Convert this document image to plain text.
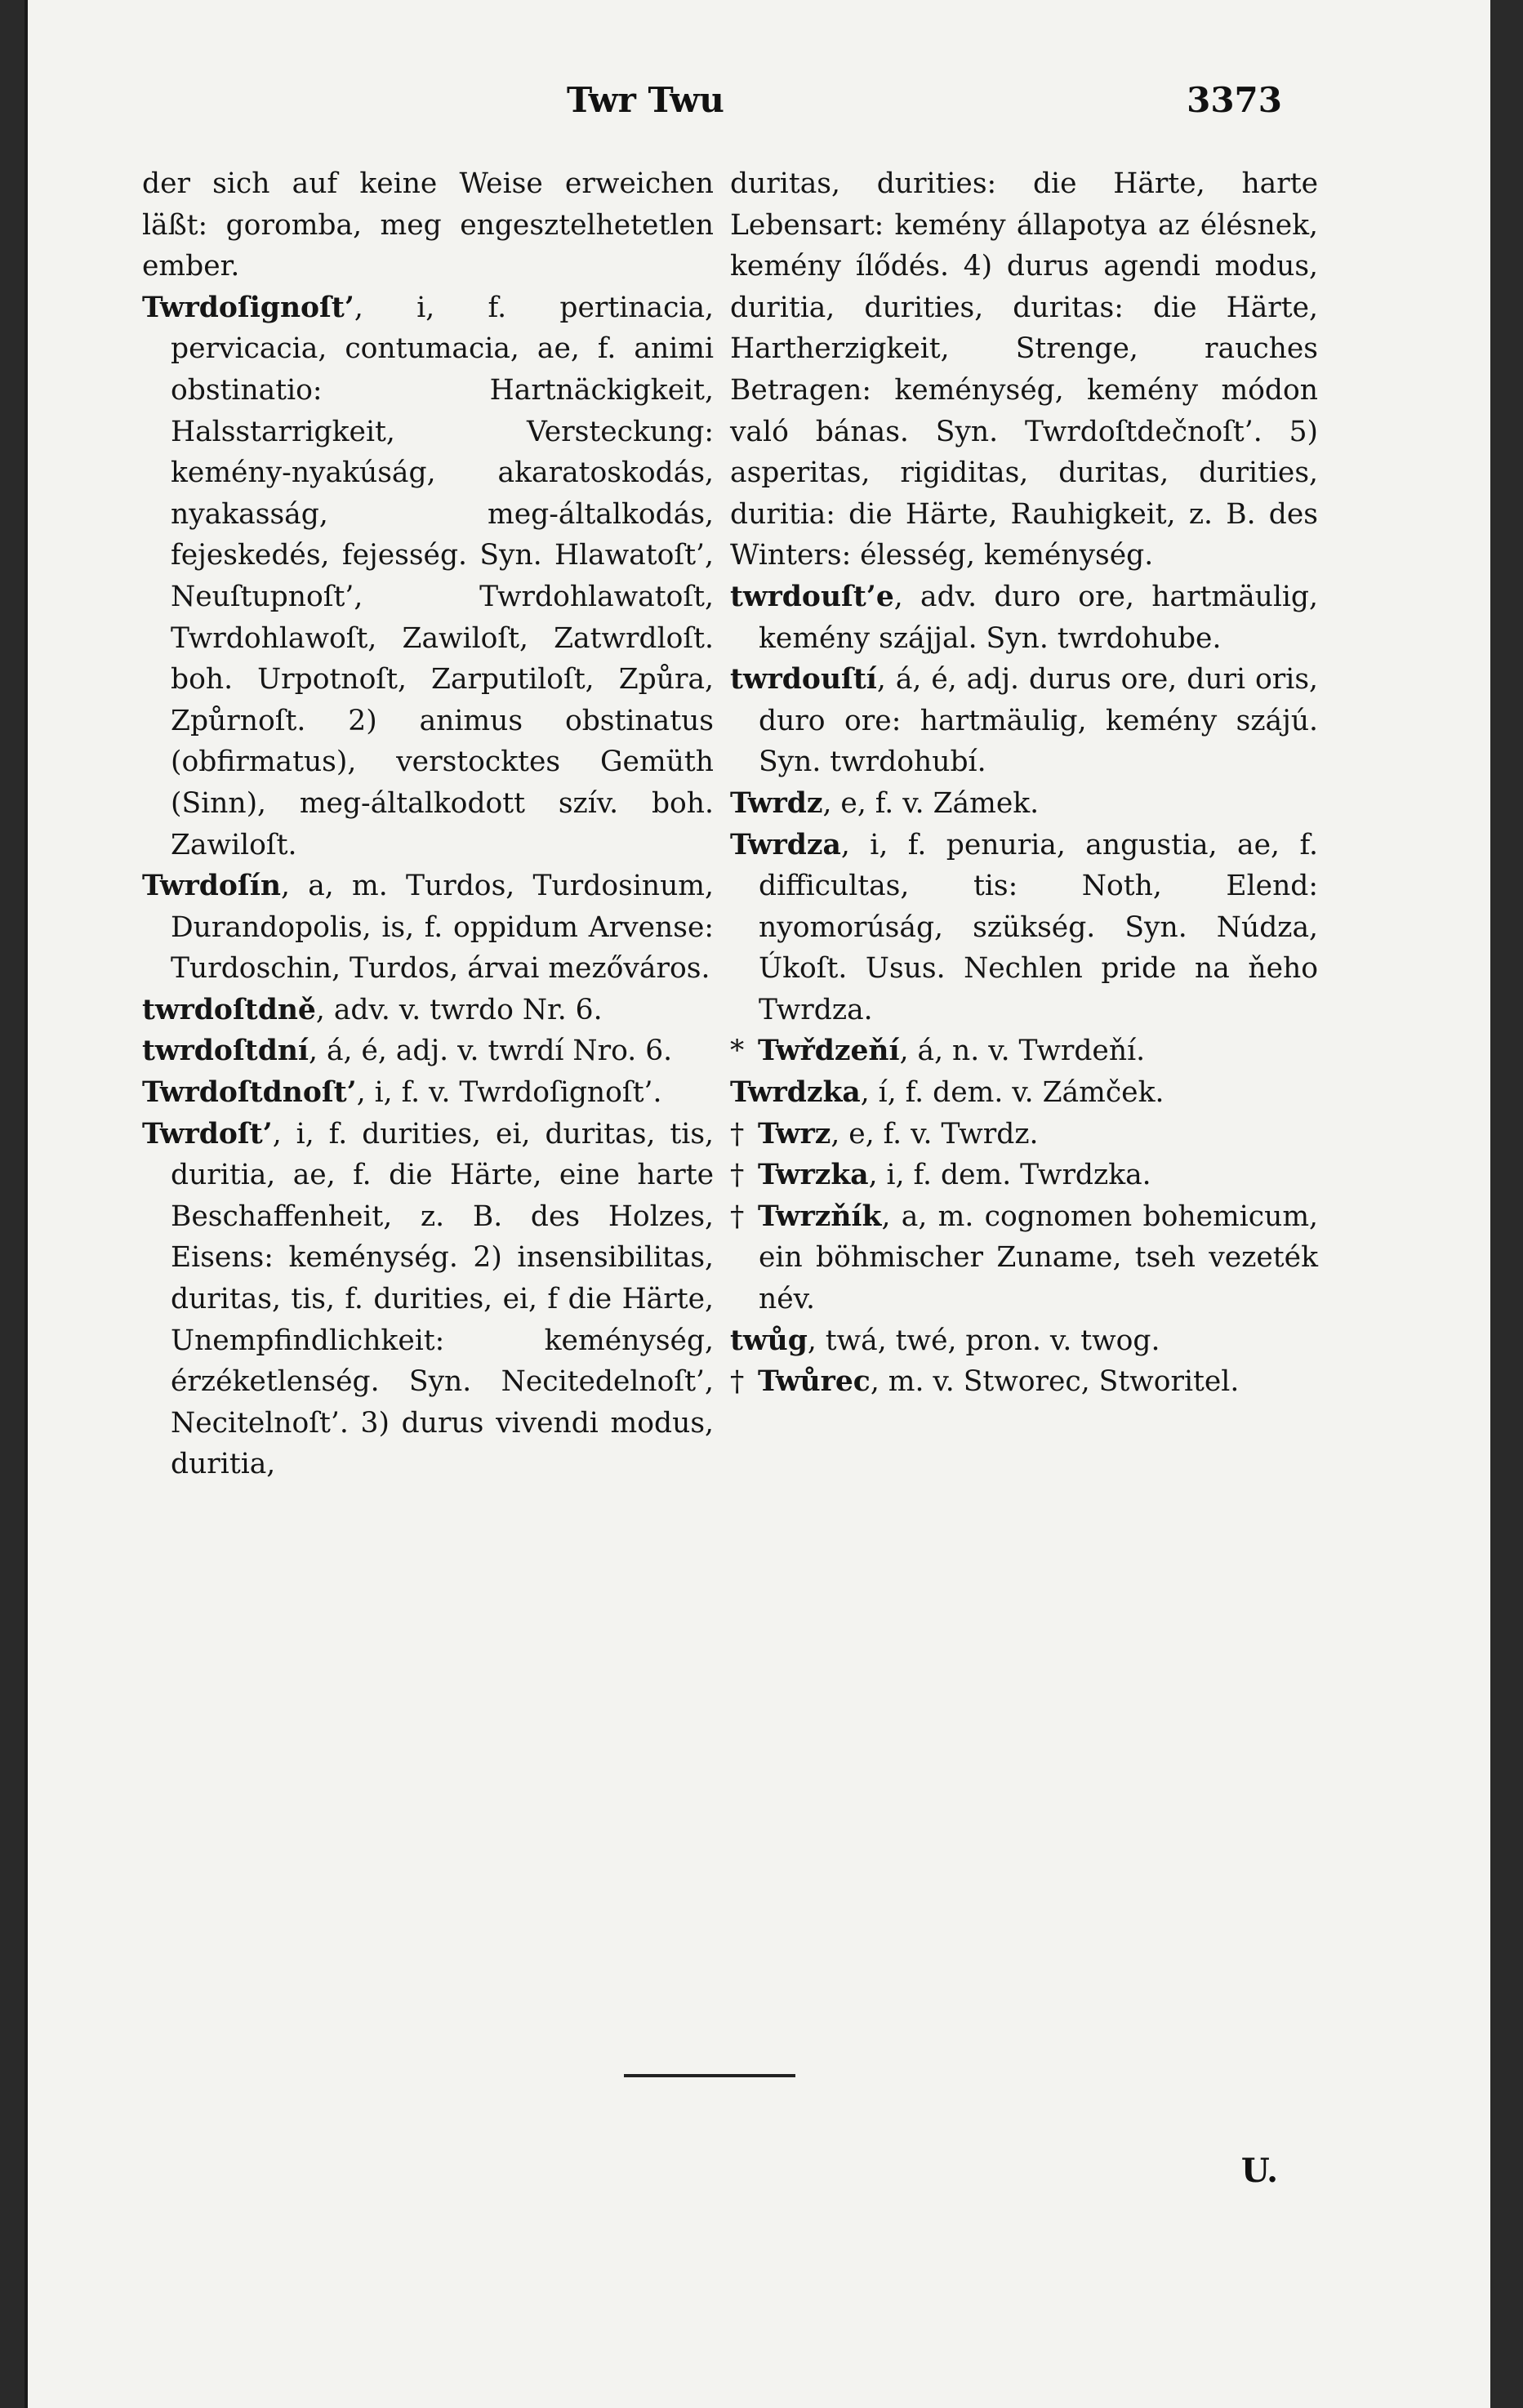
Twr Twu	3373

der sich auf keine Weise erweichen läßt: goromba, meg engesztelhetetlen ember.

Twrdoſignoſt’, i, f. pertinacia, pervicacia, contumacia, ae, f. animi obstinatio: Hartnäckigkeit, Halsstarrigkeit, Versteckung: kemény-nyakúság, akaratoskodás, nyakasság, meg-általkodás, fejeskedés, fejesség. Syn. Hlawatoſt’, Neuſtupnoſt’, Twrdohlawatoſt, Twrdohlawoſt, Zawiloſt, Zatwrdloſt. boh. Urpotnoſt, Zarputiloſt, Způra, Způrnoſt. 2) animus obstinatus (obfirmatus), verstocktes Gemüth (Sinn), meg-általkodott szív. boh. Zawiloſt.

Twrdoſín, a, m. Turdos, Turdosinum, Durandopolis, is, f. oppidum Arvense: Turdoschin, Turdos, árvai mezőváros.

twrdoſtdně, adv. v. twrdo Nr. 6.

twrdoſtdní, á, é, adj. v. twrdí Nro. 6.

Twrdoſtdnoſt’, i, f. v. Twrdoſignoſt’.

Twrdoſt’, i, f. durities, ei, duritas, tis, duritia, ae, f. die Härte, eine harte Beschaffenheit, z. B. des Holzes, Eisens: keménység. 2) insensibilitas, duritas, tis, f. durities, ei, f die Härte, Unempfindlichkeit: keménység, érzéketlenség. Syn. Necitedelnoſt’, Necitelnoſt’. 3) durus vivendi modus, duritia,

duritas, durities: die Härte, harte Lebensart: kemény állapotya az élésnek, kemény ílődés. 4) durus agendi modus, duritia, durities, duritas: die Härte, Hartherzigkeit, Strenge, rauches Betragen: keménység, kemény módon való bánas. Syn. Twrdoſtdečnoſt’. 5) asperitas, rigiditas, duritas, durities, duritia: die Härte, Rauhigkeit, z. B. des Winters: élesség, keménység.

twrdouſt’e, adv. duro ore, hartmäulig, kemény szájjal. Syn. twrdohube.

twrdouſtí, á, é, adj. durus ore, duri oris, duro ore: hartmäulig, kemény szájú. Syn. twrdohubí.

Twrdz, e, f. v. Zámek.

Twrdza, i, f. penuria, angustia, ae, f. difficultas, tis: Noth, Elend: nyomorúság, szükség. Syn. Núdza, Úkoſt. Usus. Nechlen pride na ňeho Twrdza.

* Twřdzeňí, á, n. v. Twrdeňí.

Twrdzka, í, f. dem. v. Zámček.

† Twrz, e, f. v. Twrdz.

† Twrzka, i, f. dem. Twrdzka.

† Twrzňík, a, m. cognomen bohemicum, ein böhmischer Zuname, tseh vezeték név.

twůg, twá, twé, pron. v. twog.

† Twůrec, m. v. Stworec, Stworitel.

U.
